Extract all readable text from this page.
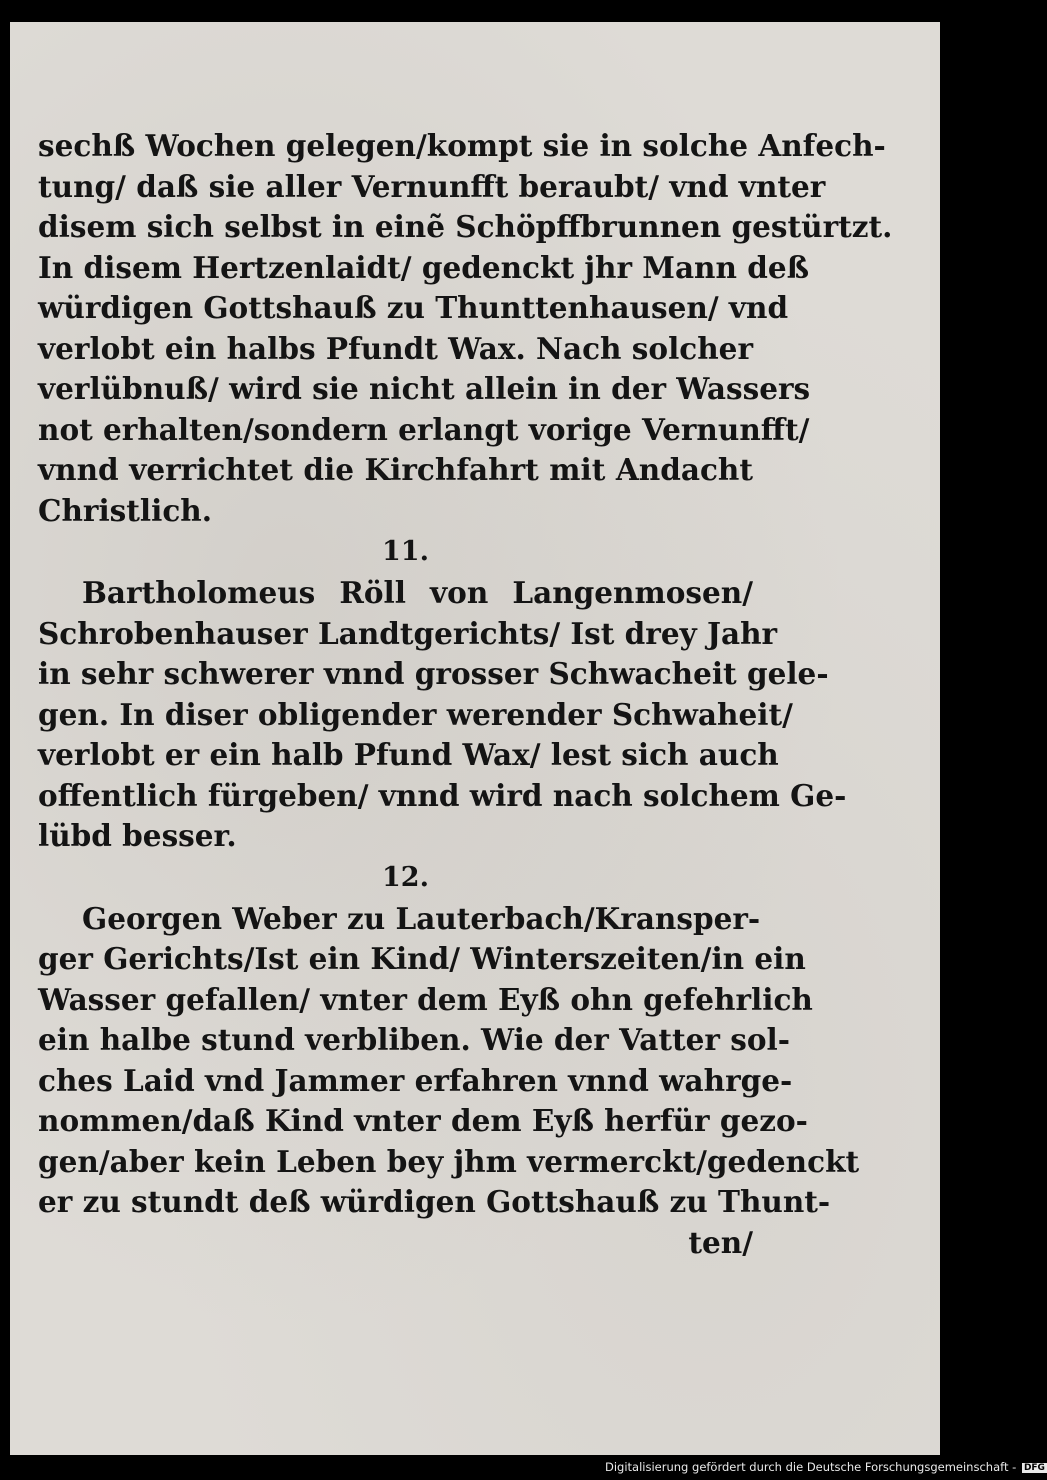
sechß Wochen gelegen/kompt sie in solche Anfech-
tung/ daß sie aller Vernunfft beraubt/ vnd vnter
disem sich selbst in einẽ Schöpffbrunnen gestürtzt.
In disem Hertzenlaidt/ gedenckt jhr Mann deß
würdigen Gottshauß zu Thunttenhausen/ vnd
verlobt ein halbs Pfundt Wax. Nach solcher
verlübnuß/ wird sie nicht allein in der Wassers
not erhalten/sondern erlangt vorige Vernunfft/
vnnd verrichtet die Kirchfahrt mit Andacht
Christlich.
11.
Bartholomeus Röll von Langenmosen/
Schrobenhauser Landtgerichts/ Ist drey Jahr
in sehr schwerer vnnd grosser Schwacheit gele-
gen. In diser obligender werender Schwaheit/
verlobt er ein halb Pfund Wax/ lest sich auch
offentlich fürgeben/ vnnd wird nach solchem Ge-
lübd besser.
12.
Georgen Weber zu Lauterbach/Kransper-
ger Gerichts/Ist ein Kind/ Winterszeiten/in ein
Wasser gefallen/ vnter dem Eyß ohn gefehrlich
ein halbe stund verbliben. Wie der Vatter sol-
ches Laid vnd Jammer erfahren vnnd wahrge-
nommen/daß Kind vnter dem Eyß herfür gezo-
gen/aber kein Leben bey jhm vermerckt/gedenckt
er zu stundt deß würdigen Gottshauß zu Thunt-
ten/
Digitalisierung gefördert durch die Deutsche Forschungsgemeinschaft - DFG
